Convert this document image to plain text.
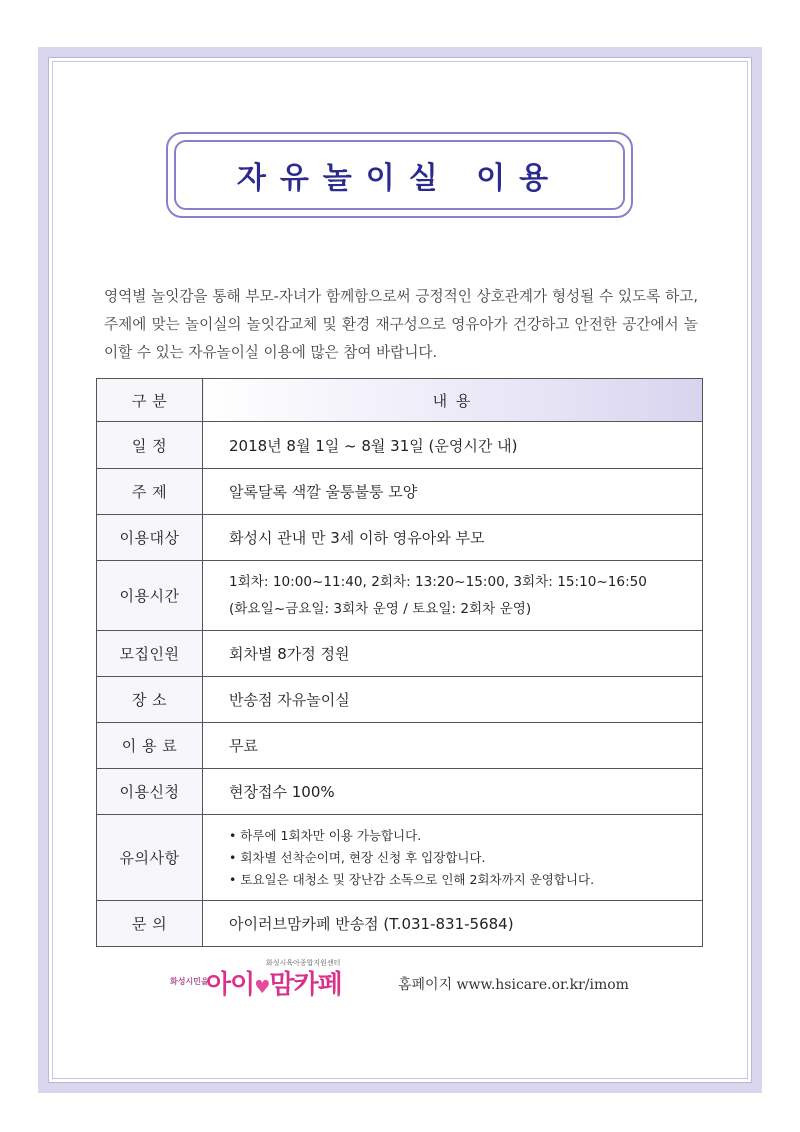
자유놀이실 이용

영역별 놀잇감을 통해 부모-자녀가 함께함으로써 긍정적인 상호관계가 형성될 수 있도록 하고, 주제에 맞는 놀이실의 놀잇감교체 및 환경 재구성으로 영유아가 건강하고 안전한 공간에서 놀이할 수 있는 자유놀이실 이용에 많은 참여 바랍니다.

구 분	내 용

일 정	2018년 8월 1일 ~ 8월 31일 (운영시간 내)
주 제	알록달록 색깔 울퉁불퉁 모양
이용대상	화성시 관내 만 3세 이하 영유아와 부모
이용시간	1회차: 10:00~11:40, 2회차: 13:20~15:00, 3회차: 15:10~16:50
(화요일~금요일: 3회차 운영 / 토요일: 2회차 운영)

모집인원	회차별 8가정 정원
장 소	반송점 자유놀이실
이 용 료	무료
이용신청	현장접수 100%
유의사항	• 하루에 1회차만 이용 가능합니다.
• 회차별 선착순이며, 현장 신청 후 입장합니다.
• 토요일은 대청소 및 장난감 소독으로 인해 2회차까지 운영합니다.

문 의	아이러브맘카페 반송점 (T.031-831-5684)
화성시민을
화성시육아종합지원센터
아이♥맘카페	홈페이지 www.hsicare.or.kr/imom
